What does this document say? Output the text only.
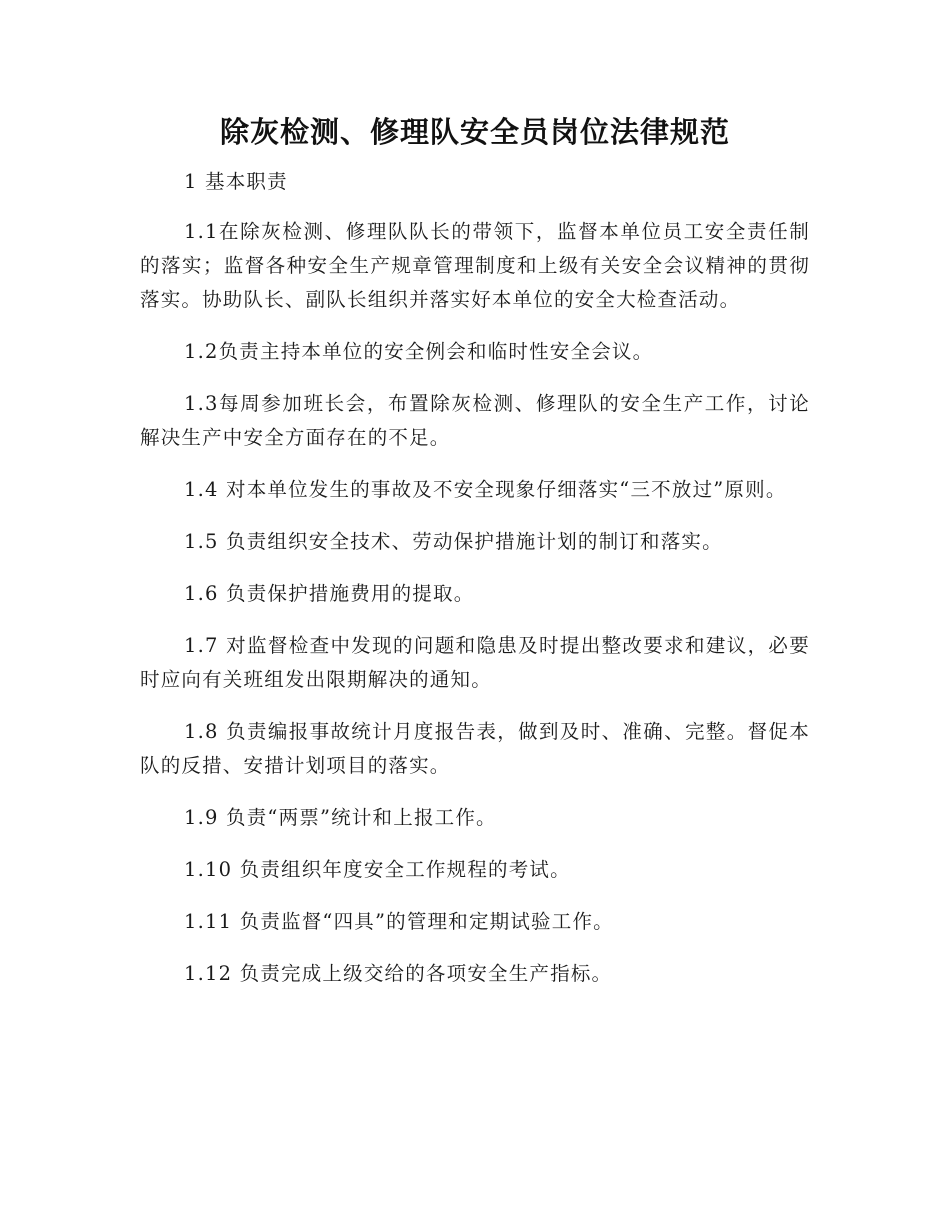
除灰检测、修理队安全员岗位法律规范

1 基本职责

1.1在除灰检测、修理队队长的带领下，监督本单位员工安全责任制的落实；监督各种安全生产规章管理制度和上级有关安全会议精神的贯彻落实。协助队长、副队长组织并落实好本单位的安全大检查活动。

1.2负责主持本单位的安全例会和临时性安全会议。

1.3每周参加班长会，布置除灰检测、修理队的安全生产工作，讨论解决生产中安全方面存在的不足。

1.4 对本单位发生的事故及不安全现象仔细落实“三不放过”原则。

1.5 负责组织安全技术、劳动保护措施计划的制订和落实。

1.6 负责保护措施费用的提取。

1.7 对监督检查中发现的问题和隐患及时提出整改要求和建议，必要时应向有关班组发出限期解决的通知。

1.8 负责编报事故统计月度报告表，做到及时、准确、完整。督促本队的反措、安措计划项目的落实。

1.9 负责“两票”统计和上报工作。

1.10 负责组织年度安全工作规程的考试。

1.11 负责监督“四具”的管理和定期试验工作。

1.12 负责完成上级交给的各项安全生产指标。
